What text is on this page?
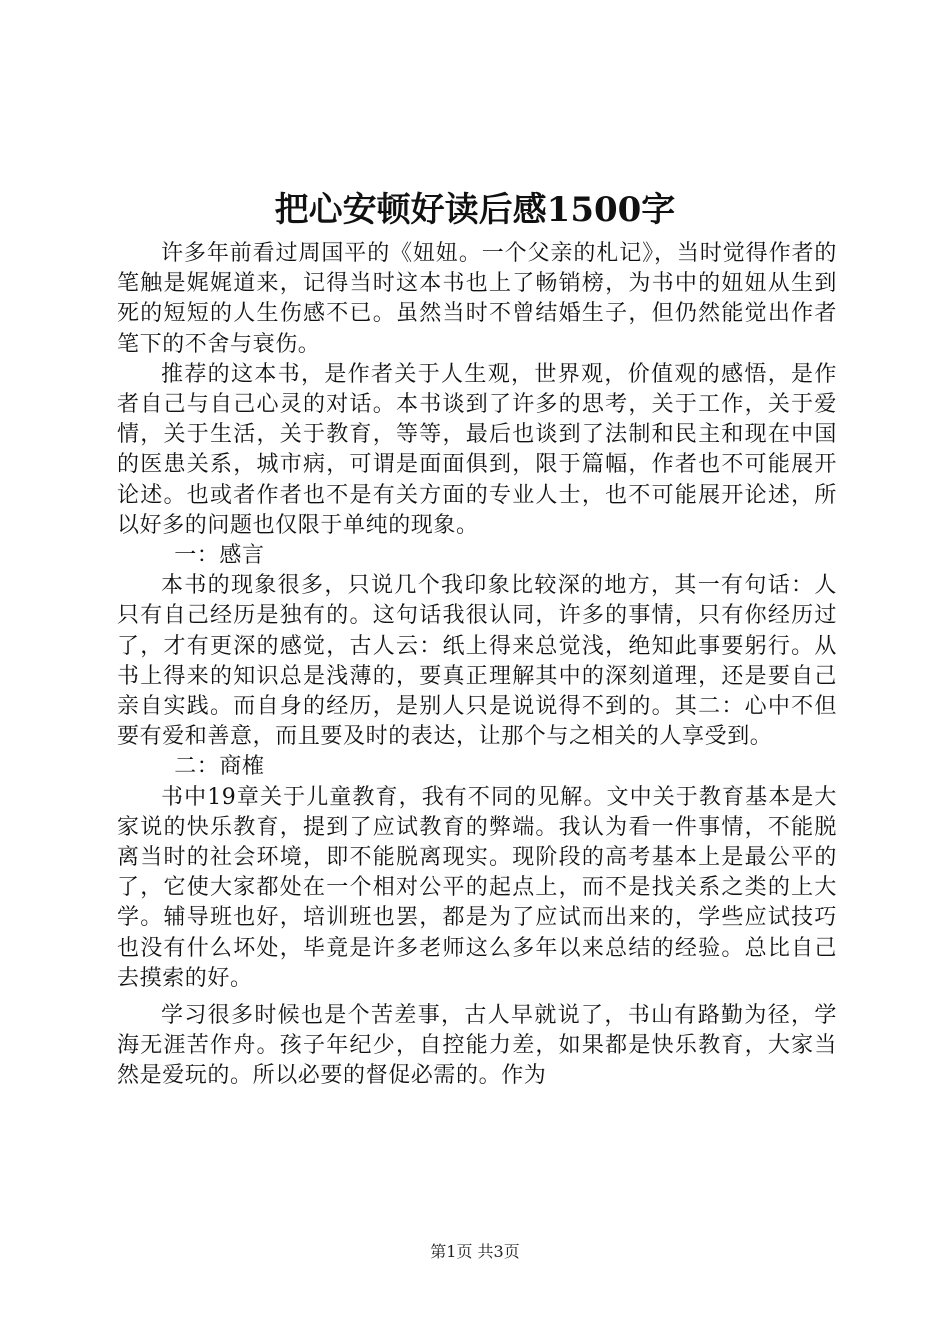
把心安顿好读后感1500字

许多年前看过周国平的《妞妞。一个父亲的札记》，当时觉得作者的笔触是娓娓道来，记得当时这本书也上了畅销榜，为书中的妞妞从生到死的短短的人生伤感不已。虽然当时不曾结婚生子，但仍然能觉出作者笔下的不舍与衰伤。

推荐的这本书，是作者关于人生观，世界观，价值观的感悟，是作者自己与自己心灵的对话。本书谈到了许多的思考，关于工作，关于爱情，关于生活，关于教育，等等，最后也谈到了法制和民主和现在中国的医患关系，城市病，可谓是面面俱到，限于篇幅，作者也不可能展开论述。也或者作者也不是有关方面的专业人士，也不可能展开论述，所以好多的问题也仅限于单纯的现象。

一：感言

本书的现象很多，只说几个我印象比较深的地方，其一有句话：人只有自己经历是独有的。这句话我很认同，许多的事情，只有你经历过了，才有更深的感觉，古人云：纸上得来总觉浅，绝知此事要躬行。从书上得来的知识总是浅薄的，要真正理解其中的深刻道理，还是要自己亲自实践。而自身的经历，是别人只是说说得不到的。其二：心中不但要有爱和善意，而且要及时的表达，让那个与之相关的人享受到。

二：商榷

书中19章关于儿童教育，我有不同的见解。文中关于教育基本是大家说的快乐教育，提到了应试教育的弊端。我认为看一件事情，不能脱离当时的社会环境，即不能脱离现实。现阶段的高考基本上是最公平的了，它使大家都处在一个相对公平的起点上，而不是找关系之类的上大学。辅导班也好，培训班也罢，都是为了应试而出来的，学些应试技巧也没有什么坏处，毕竟是许多老师这么多年以来总结的经验。总比自己去摸索的好。

学习很多时候也是个苦差事，古人早就说了，书山有路勤为径，学海无涯苦作舟。孩子年纪少，自控能力差，如果都是快乐教育，大家当然是爱玩的。所以必要的督促必需的。作为

第1页 共3页
